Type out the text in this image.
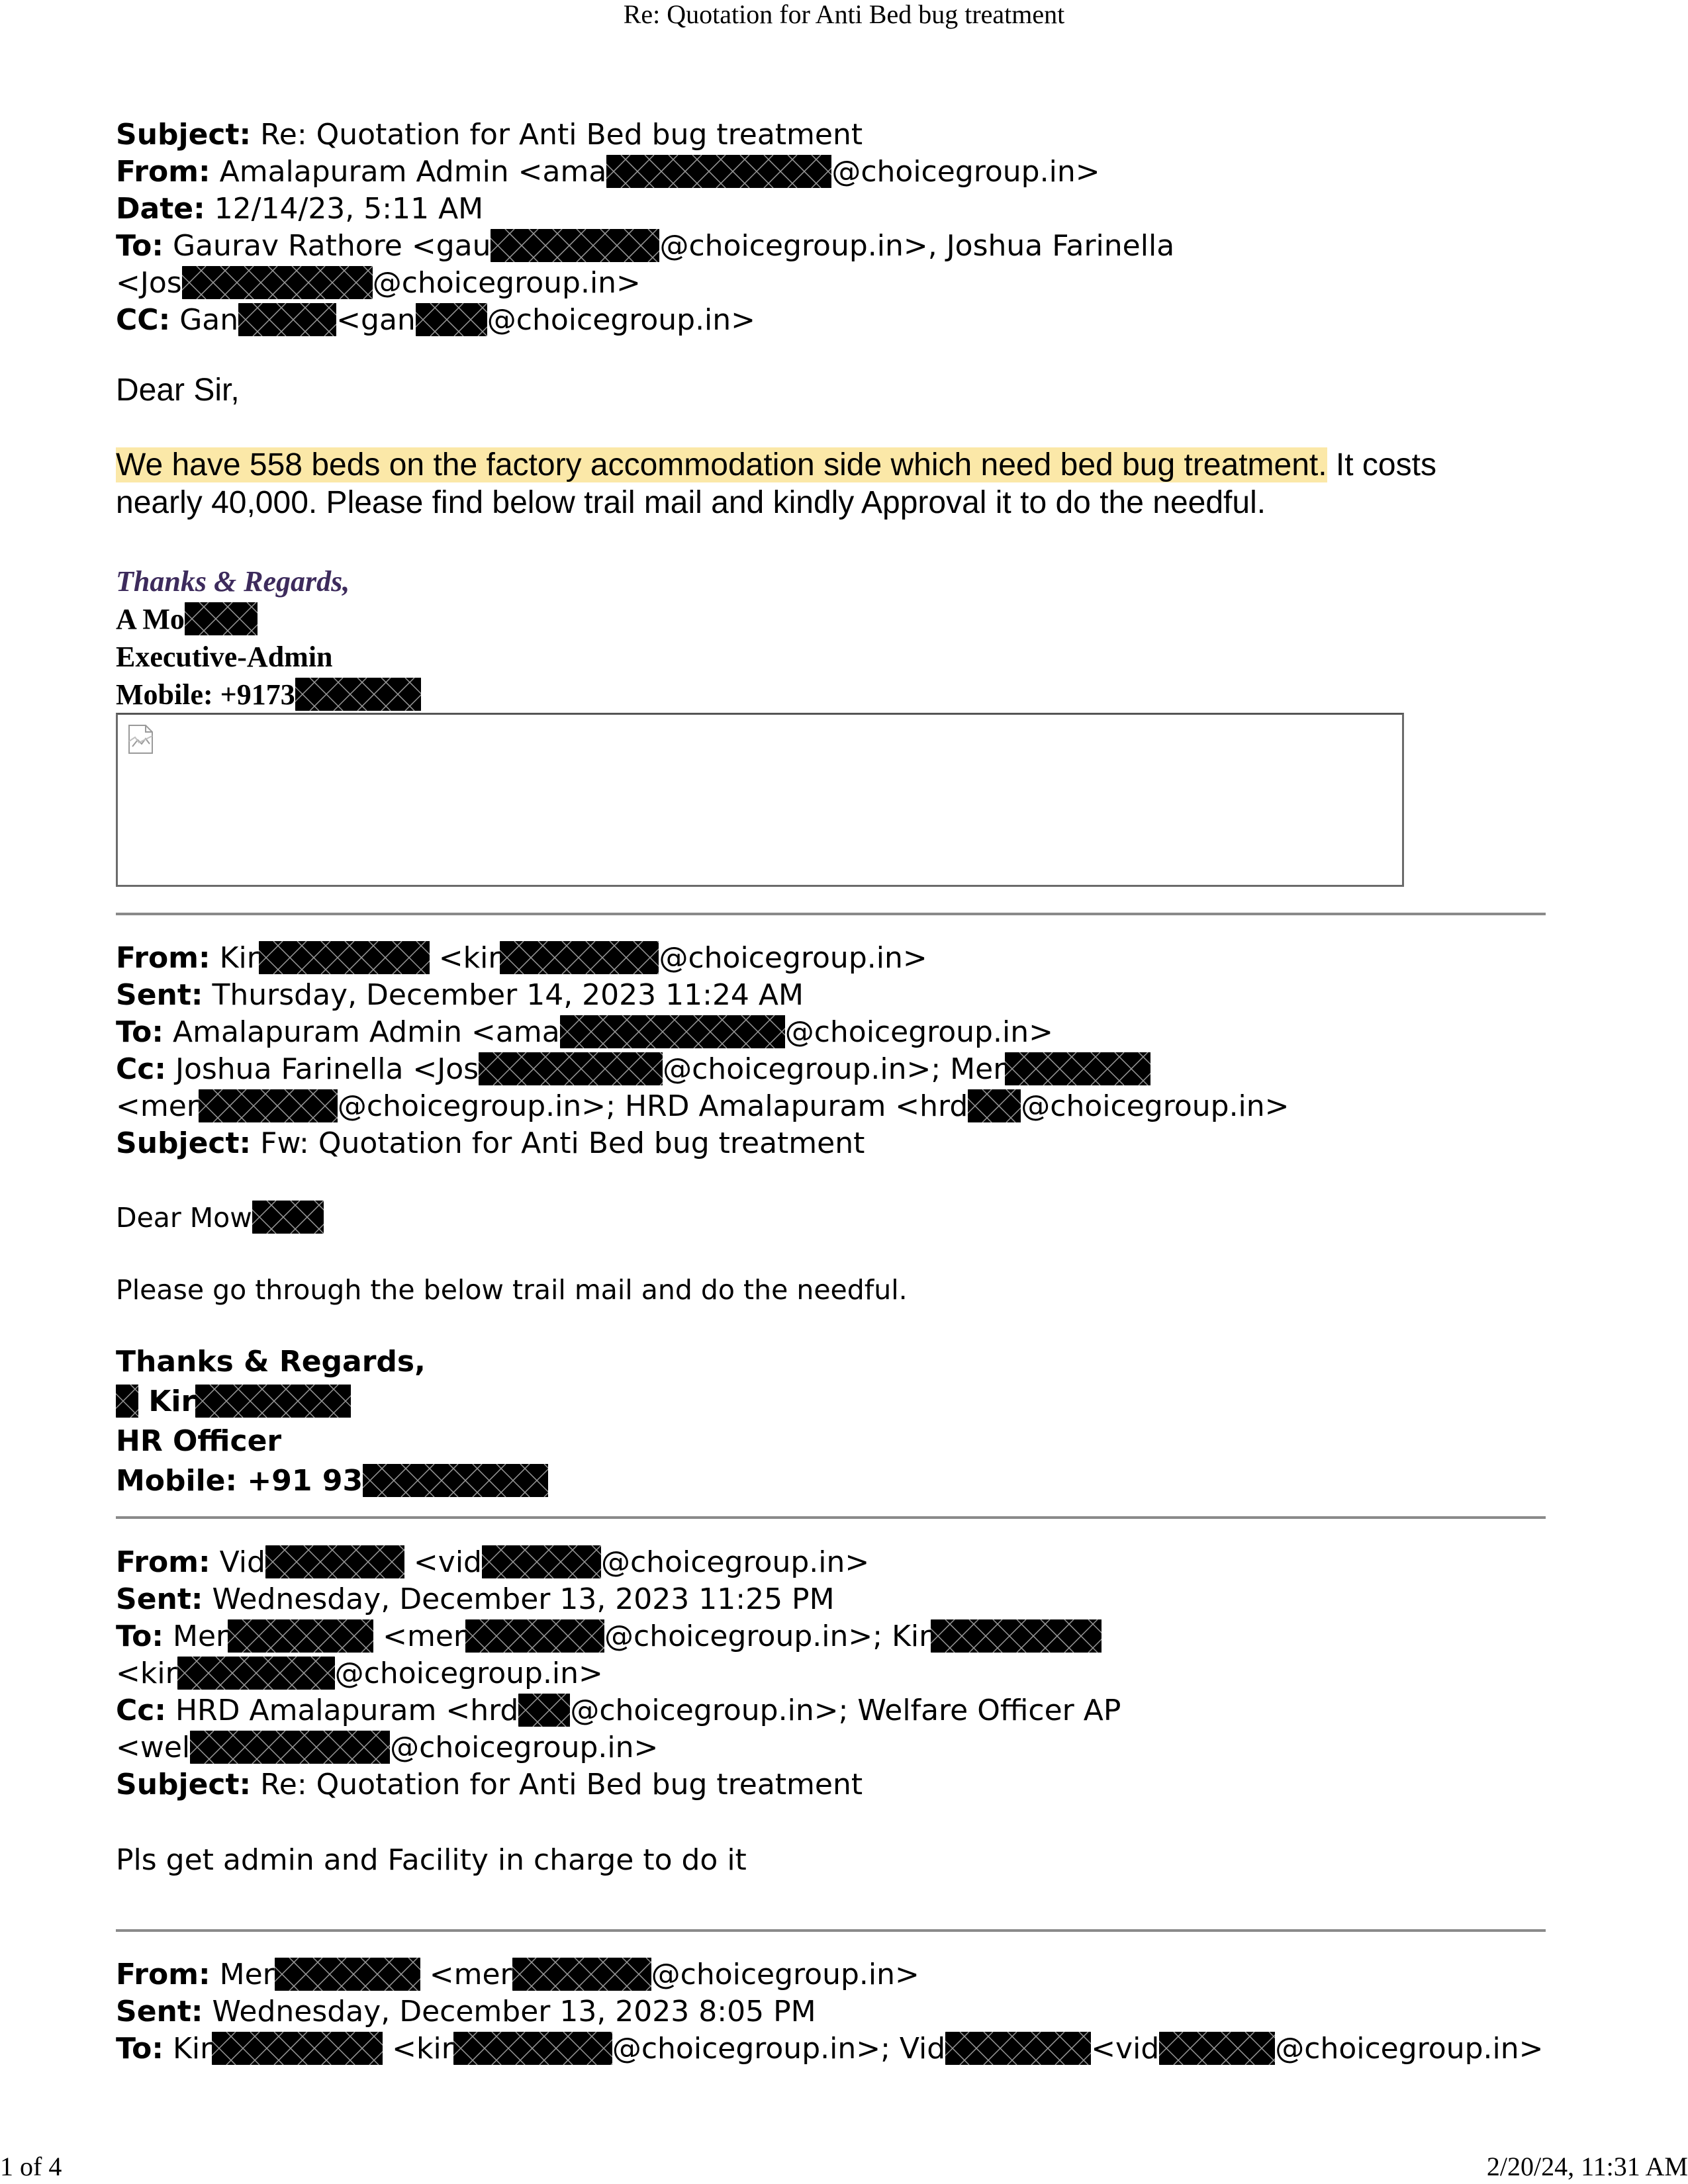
Re: Quotation for Anti Bed bug treatment
Subject: Re: Quotation for Anti Bed bug treatment
From: Amalapuram Admin <ama	@choicegroup.in>
Date: 12/14/23, 5:11 AM
To: Gaurav Rathore <gau	@choicegroup.in>, Joshua Farinella
<Jos	@choicegroup.in>
CC: Gan	<gan @choicegroup.in>
Dear Sir,
We have 558 beds on the factory accommodation side which need bed bug treatment. It costs
nearly 40,000. Please find below trail mail and kindly Approval it to do the needful.
Thanks & Regards,
A Mo
Executive-Admin
Mobile: +9173
From: Kir	<kir	@choicegroup.in>
Sent: Thursday, December 14, 2023 11:24 AM
To: Amalapuram Admin <ama	@choicegroup.in>
Cc: Joshua Farinella <Jos	@choicegroup.in>; Mer
<mer	@choicegroup.in>; HRD Amalapuram <hrd @choicegroup.in>
Subject: Fw: Quotation for Anti Bed bug treatment
Dear Mow
Please go through the below trail mail and do the needful.
Thanks & Regards,
Kir
HR Officer
Mobile: +91 93
From: Vid	<vid	@choicegroup.in>
Sent: Wednesday, December 13, 2023 11:25 PM
To: Mer	<mer	@choicegroup.in>; Kir
<kir	@choicegroup.in>
Cc: HRD Amalapuram <hrd @choicegroup.in>; Welfare Officer AP
<wel	@choicegroup.in>
Subject: Re: Quotation for Anti Bed bug treatment
Pls get admin and Facility in charge to do it
From: Mer	<mer	@choicegroup.in>
Sent: Wednesday, December 13, 2023 8:05 PM
To: Kir	<kir	@choicegroup.in>; Vid	<vid	@choicegroup.in>
1 of 4	2/20/24, 11:31 AM
